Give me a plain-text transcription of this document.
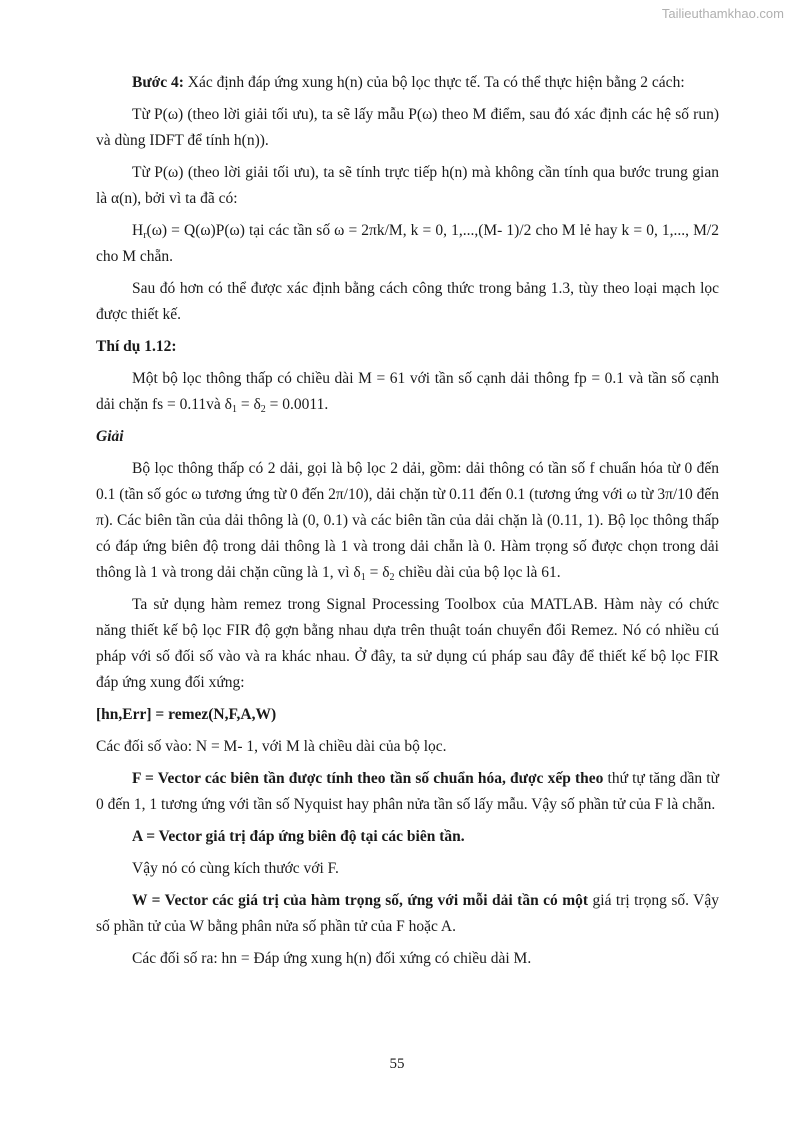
Tailieuthamkhao.com

Bước 4: Xác định đáp ứng xung h(n) của bộ lọc thực tế. Ta có thể thực hiện bằng 2 cách:

Từ P(ω) (theo lời giải tối ưu), ta sẽ lấy mẫu P(ω) theo M điểm, sau đó xác định các hệ số run) và dùng IDFT để tính h(n)).

Từ P(ω) (theo lời giải tối ưu), ta sẽ tính trực tiếp h(n) mà không cần tính qua bước trung gian là α(n), bởi vì ta đã có:

$H_r(\omega) = Q(\omega)P(\omega)$ tại các tần số ω = 2πk/M, k = 0, 1,...,(M- 1)/2 cho M lẻ hay k = 0, 1,..., M/2 cho M chẵn.

Sau đó hơn có thể được xác định bằng cách công thức trong bảng 1.3, tùy theo loại mạch lọc được thiết kế.

Thí dụ 1.12:

Một bộ lọc thông thấp có chiều dài M = 61 với tần số cạnh dải thông fp = 0.1 và tần số cạnh dải chặn fs = 0.11và $\delta_1 = \delta_2 = 0.0011$.

Giải

Bộ lọc thông thấp có 2 dải, gọi là bộ lọc 2 dải, gồm: dải thông có tần số f chuẩn hóa từ 0 đến 0.1 (tần số góc ω tương ứng từ 0 đến 2π/10), dải chặn từ 0.11 đến 0.1 (tương ứng với ω từ 3π/10 đến π). Các biên tần của dải thông là (0, 0.1) và các biên tần của dải chặn là (0.11, 1). Bộ lọc thông thấp có đáp ứng biên độ trong dải thông là 1 và trong dải chẵn là 0. Hàm trọng số được chọn trong dải thông là 1 và trong dải chặn cũng là 1, vì $\delta_1 = \delta_2$ chiều dài của bộ lọc là 61.

Ta sử dụng hàm remez trong Signal Processing Toolbox của MATLAB. Hàm này có chức năng thiết kế bộ lọc FIR độ gợn bằng nhau dựa trên thuật toán chuyển đổi Remez. Nó có nhiều cú pháp với số đối số vào và ra khác nhau. Ở đây, ta sử dụng cú pháp sau đây để thiết kế bộ lọc FIR đáp ứng xung đối xứng:

[hn,Err] = remez(N,F,A,W)

Các đối số vào: N = M- 1, với M là chiều dài của bộ lọc.

F = Vector các biên tần được tính theo tần số chuẩn hóa, được xếp theo thứ tự tăng dần từ 0 đến 1, 1 tương ứng với tần số Nyquist hay phân nửa tần số lấy mẫu. Vậy số phần tử của F là chẵn.

A = Vector giá trị đáp ứng biên độ tại các biên tần.

Vậy nó có cùng kích thước với F.

W = Vector các giá trị của hàm trọng số, ứng với mỗi dải tần có một giá trị trọng số. Vậy số phần tử của W bằng phân nửa số phần tử của F hoặc A.

Các đối số ra: hn = Đáp ứng xung h(n) đối xứng có chiều dài M.

55
